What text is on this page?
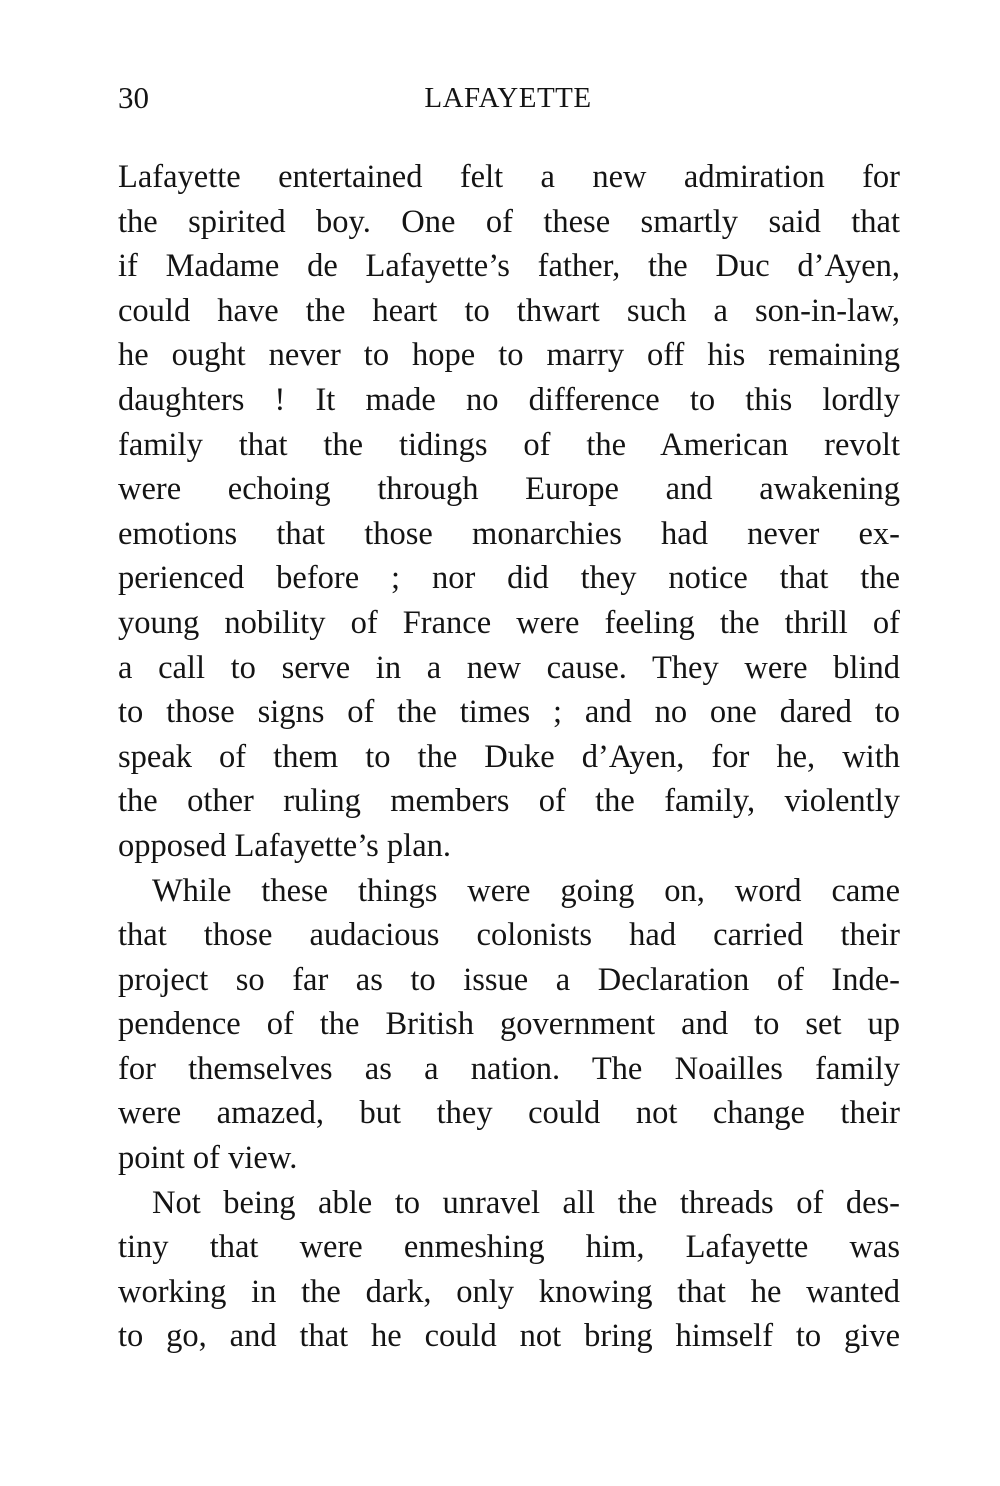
30	LAFAYETTE
Lafayette entertained felt a new admiration for
the spirited boy. One of these smartly said that
if Madame de Lafayette’s father, the Duc d’Ayen,
could have the heart to thwart such a son-in-law,
he ought never to hope to marry off his remaining
daughters ! It made no difference to this lordly
family that the tidings of the American revolt
were echoing through Europe and awakening
emotions that those monarchies had never ex-
perienced before ; nor did they notice that the
young nobility of France were feeling the thrill of
a call to serve in a new cause. They were blind
to those signs of the times ; and no one dared to
speak of them to the Duke d’Ayen, for he, with
the other ruling members of the family, violently
opposed Lafayette’s plan.
While these things were going on, word came
that those audacious colonists had carried their
project so far as to issue a Declaration of Inde-
pendence of the British government and to set up
for themselves as a nation. The Noailles family
were amazed, but they could not change their
point of view.
Not being able to unravel all the threads of des-
tiny that were enmeshing him, Lafayette was
working in the dark, only knowing that he wanted
to go, and that he could not bring himself to give
